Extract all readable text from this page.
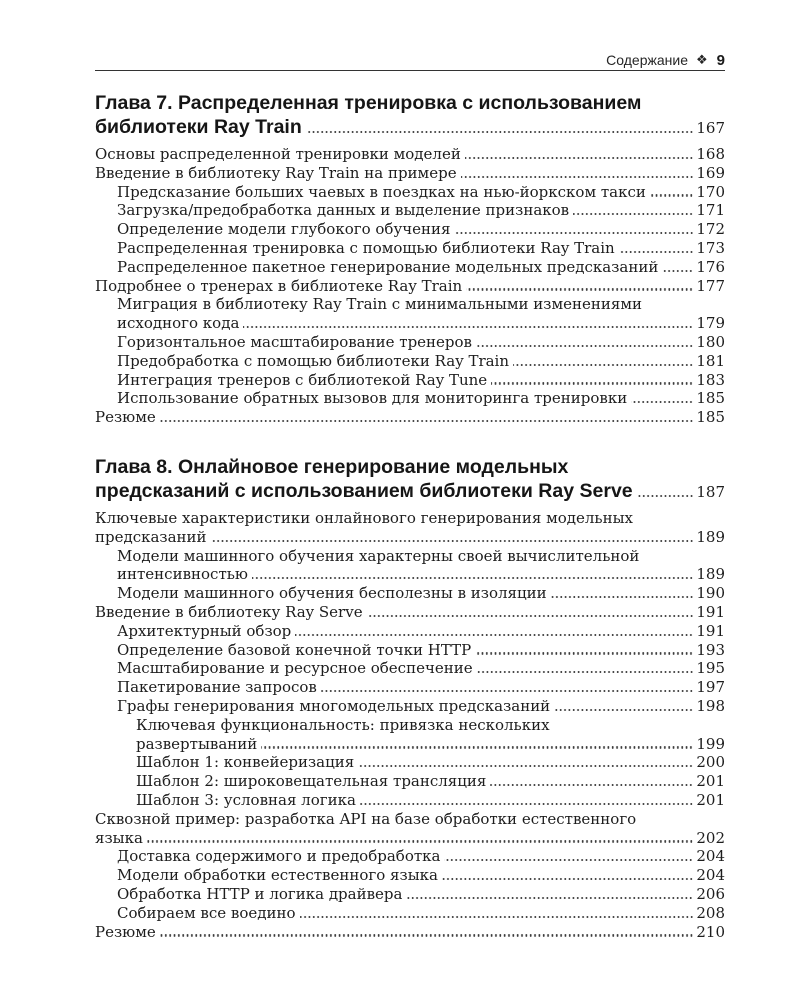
Содержание ❖ 9
Глава 7. Распределенная тренировка с использованием
библиотеки Ray Train	167
Основы распределенной тренировки моделей	168
Введение в библиотеку Ray Train на примере	169
Предсказание больших чаевых в поездках на нью-йоркском такси	170
Загрузка/предобработка данных и выделение признаков	171
Определение модели глубокого обучения	172
Распределенная тренировка с помощью библиотеки Ray Train	173
Распределенное пакетное генерирование модельных предсказаний	176
Подробнее о тренерах в библиотеке Ray Train	177
Миграция в библиотеку Ray Train с минимальными изменениями
исходного кода	179
Горизонтальное масштабирование тренеров	180
Предобработка с помощью библиотеки Ray Train	181
Интеграция тренеров с библиотекой Ray Tune	183
Использование обратных вызовов для мониторинга тренировки	185
Резюме	185
Глава 8. Онлайновое генерирование модельных
предсказаний с использованием библиотеки Ray Serve	187
Ключевые характеристики онлайнового генерирования модельных
предсказаний	189
Модели машинного обучения характерны своей вычислительной
интенсивностью	189
Модели машинного обучения бесполезны в изоляции	190
Введение в библиотеку Ray Serve	191
Архитектурный обзор	191
Определение базовой конечной точки HTTP	193
Масштабирование и ресурсное обеспечение	195
Пакетирование запросов	197
Графы генерирования многомодельных предсказаний	198
Ключевая функциональность: привязка нескольких
развертываний	199
Шаблон 1: конвейеризация	200
Шаблон 2: широковещательная трансляция	201
Шаблон 3: условная логика	201
Сквозной пример: разработка API на базе обработки естественного
языка	202
Доставка содержимого и предобработка	204
Модели обработки естественного языка	204
Обработка HTTP и логика драйвера	206
Собираем все воедино	208
Резюме	210
